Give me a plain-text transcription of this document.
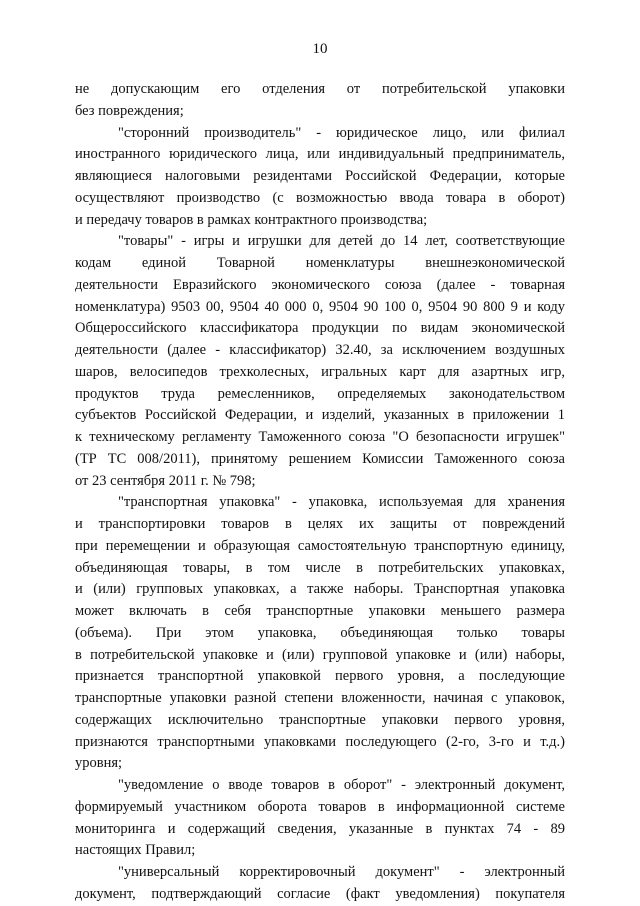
10
не допускающим его отделения от потребительской упаковки
без повреждения;
"сторонний производитель" - юридическое лицо, или филиал
иностранного юридического лица, или индивидуальный предприниматель,
являющиеся налоговыми резидентами Российской Федерации, которые
осуществляют производство (с возможностью ввода товара в оборот)
и передачу товаров в рамках контрактного производства;
"товары" - игры и игрушки для детей до 14 лет, соответствующие
кодам единой Товарной номенклатуры внешнеэкономической
деятельности Евразийского экономического союза (далее - товарная
номенклатура) 9503 00, 9504 40 000 0, 9504 90 100 0, 9504 90 800 9 и коду
Общероссийского классификатора продукции по видам экономической
деятельности (далее - классификатор) 32.40, за исключением воздушных
шаров, велосипедов трехколесных, игральных карт для азартных игр,
продуктов труда ремесленников, определяемых законодательством
субъектов Российской Федерации, и изделий, указанных в приложении 1
к техническому регламенту Таможенного союза "О безопасности игрушек"
(ТР ТС 008/2011), принятому решением Комиссии Таможенного союза
от 23 сентября 2011 г. № 798;
"транспортная упаковка" - упаковка, используемая для хранения
и транспортировки товаров в целях их защиты от повреждений
при перемещении и образующая самостоятельную транспортную единицу,
объединяющая товары, в том числе в потребительских упаковках,
и (или) групповых упаковках, а также наборы. Транспортная упаковка
может включать в себя транспортные упаковки меньшего размера
(объема). При этом упаковка, объединяющая только товары
в потребительской упаковке и (или) групповой упаковке и (или) наборы,
признается транспортной упаковкой первого уровня, а последующие
транспортные упаковки разной степени вложенности, начиная с упаковок,
содержащих исключительно транспортные упаковки первого уровня,
признаются транспортными упаковками последующего (2-го, 3-го и т.д.)
уровня;
"уведомление о вводе товаров в оборот" - электронный документ,
формируемый участником оборота товаров в информационной системе
мониторинга и содержащий сведения, указанные в пунктах 74 - 89
настоящих Правил;
"универсальный корректировочный документ" - электронный
документ, подтверждающий согласие (факт уведомления) покупателя
